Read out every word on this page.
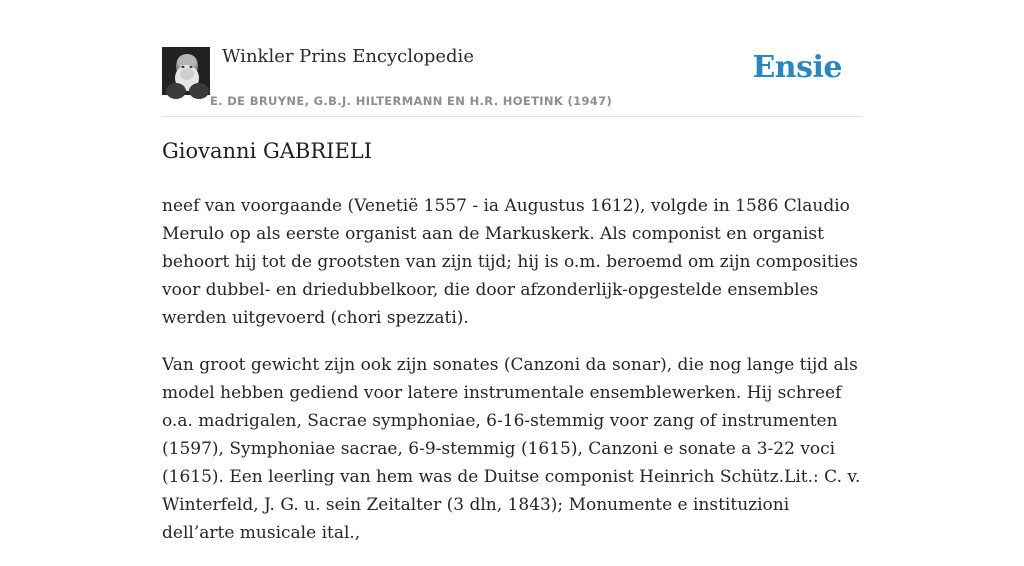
Winkler Prins Encyclopedie
E. DE BRUYNE, G.B.J. HILTERMANN EN H.R. HOETINK (1947)
Ensie
Giovanni GABRIELI

neef van voorgaande (Venetië 1557 - ia Augustus 1612), volgde in 1586 Claudio Merulo op als eerste organist aan de Markuskerk. Als componist en organist behoort hij tot de grootsten van zijn tijd; hij is o.m. beroemd om zijn composities voor dubbel- en driedubbelkoor, die door afzonderlijk-opgestelde ensembles werden uitgevoerd (chori spezzati).

Van groot gewicht zijn ook zijn sonates (Canzoni da sonar), die nog lange tijd als model hebben gediend voor latere instrumentale ensemblewerken. Hij schreef o.a. madrigalen, Sacrae symphoniae, 6-16-stemmig voor zang of instrumenten (1597), Symphoniae sacrae, 6-9-stemmig (1615), Canzoni e sonate a 3-22 voci (1615). Een leerling van hem was de Duitse componist Heinrich Schütz.Lit.: C. v. Winterfeld, J. G. u. sein Zeitalter (3 dln, 1843); Monumente e instituzioni dell’arte musicale ital.,
